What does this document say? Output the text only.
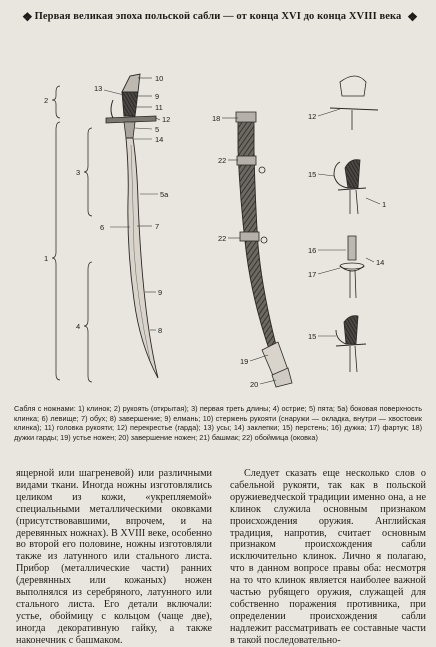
❖ Первая великая эпоха польской сабли — от конца XVI до конца XVIII века ❖
10
13
9
11
12
5
14
5а
6	7
9
8
2
1
3
4
18
22
22
19
20
12
15
1
16
14
17
15
Сабля с ножнами: 1) клинок; 2) рукоять (открытая); 3) первая треть длины; 4) острие; 5) пята; 5а) боковая поверхность клинка; 6) левище; 7) обух; 8) завершение; 9) елмань; 10) стержень рукояти (снаружи — окладка, внутри — хвостовик клинка); 11) головка рукояти; 12) перекрестье (гарда); 13) усы; 14) заклепки; 15) перстень; 16) дужка; 17) фартук; 18) дужки гарды; 19) устье ножен; 20) завершение ножен; 21) башмак; 22) обоймица (оковка)

ящерной или шагреневой) или различными видами ткани. Иногда ножны изготовлялись целиком из кожи, «укрепляемой» специальными металлическими оковками (присутствовавшими, впрочем, и на деревянных ножнах). В XVIII веке, особенно во второй его половине, ножны изготовляли также из латунного или стального листа. Прибор (металлические части) ранних (деревянных или кожаных) ножен выполнялся из серебряного, латунного или стального листа. Его детали включали: устье, обоймицу с кольцом (чаще две), иногда декоративную гайку, а также наконечник с башмаком.

Следует сказать еще несколько слов о сабельной рукояти, так как в польской оружиеведческой традиции именно она, а не клинок служила основным признаком происхождения оружия. Английская традиция, напротив, считает основным признаком происхождения сабли исключительно клинок. Лично я полагаю, что в данном вопросе правы оба: несмотря на то что клинок является наиболее важной частью рубящего оружия, служащей для собственно поражения противника, при определении происхождения сабли надлежит рассматривать ее составные части в такой последовательно-
